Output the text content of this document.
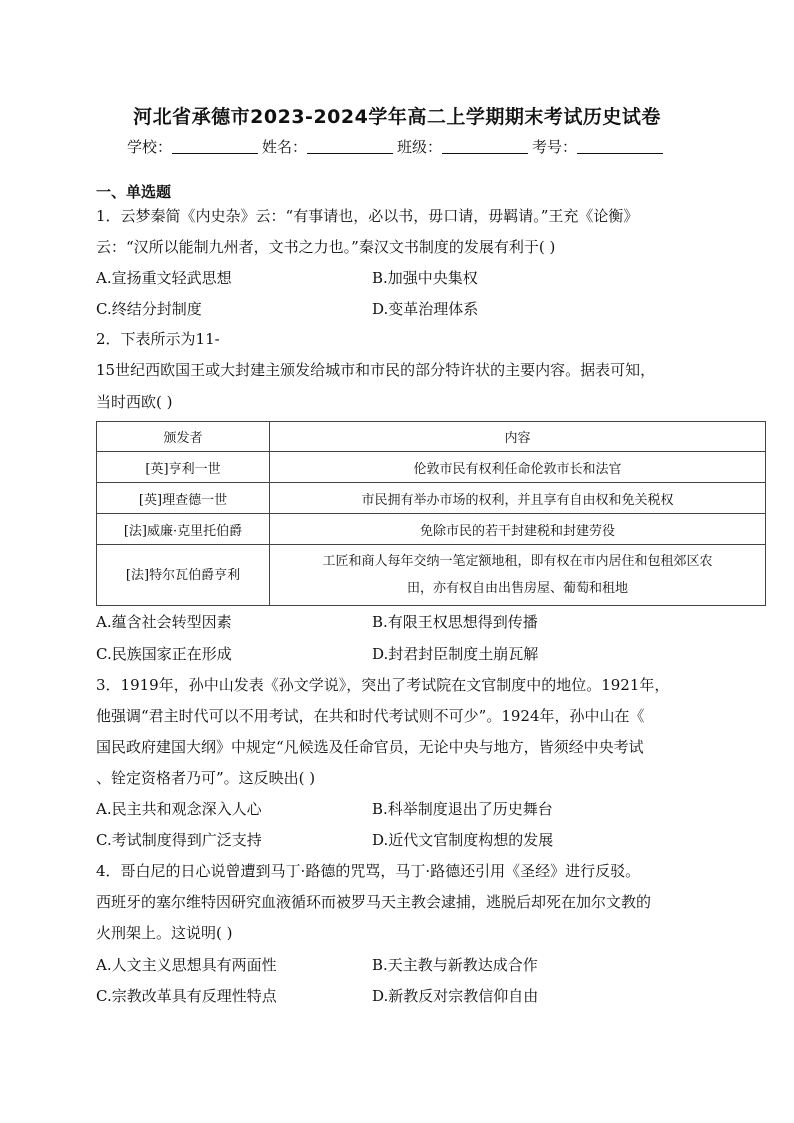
河北省承德市2023-2024学年高二上学期期末考试历史试卷
学校：	姓名：	班级：	考号：
一、单选题
1．云梦秦简《内史杂》云：“有事请也，必以书，毋口请，毋羁请。”王充《论衡》
云：“汉所以能制九州者，文书之力也。”秦汉文书制度的发展有利于( )
A.宣扬重文轻武思想	B.加强中央集权
C.终结分封制度	D.变革治理体系
2．下表所示为11-
15世纪西欧国王或大封建主颁发给城市和市民的部分特许状的主要内容。据表可知，
当时西欧( )
颁发者	内容
[英]亨利一世	伦敦市民有权利任命伦敦市长和法官
[英]理查德一世	市民拥有举办市场的权利，并且享有自由权和免关税权
[法]威廉·克里托伯爵	免除市民的若干封建税和封建劳役
[法]特尔瓦伯爵亨利	工匠和商人每年交纳一笔定额地租，即有权在市内居住和包租郊区农
田，亦有权自由出售房屋、葡萄和租地
A.蕴含社会转型因素	B.有限王权思想得到传播
C.民族国家正在形成	D.封君封臣制度土崩瓦解
3．1919年，孙中山发表《孙文学说》，突出了考试院在文官制度中的地位。1921年，
他强调“君主时代可以不用考试，在共和时代考试则不可少”。1924年，孙中山在《
国民政府建国大纲》中规定“凡候选及任命官员，无论中央与地方，皆须经中央考试
、铨定资格者乃可”。这反映出( )
A.民主共和观念深入人心	B.科举制度退出了历史舞台
C.考试制度得到广泛支持	D.近代文官制度构想的发展
4．哥白尼的日心说曾遭到马丁·路德的咒骂，马丁·路德还引用《圣经》进行反驳。
西班牙的塞尔维特因研究血液循环而被罗马天主教会逮捕，逃脱后却死在加尔文教的
火刑架上。这说明( )
A.人文主义思想具有两面性	B.天主教与新教达成合作
C.宗教改革具有反理性特点	D.新教反对宗教信仰自由
